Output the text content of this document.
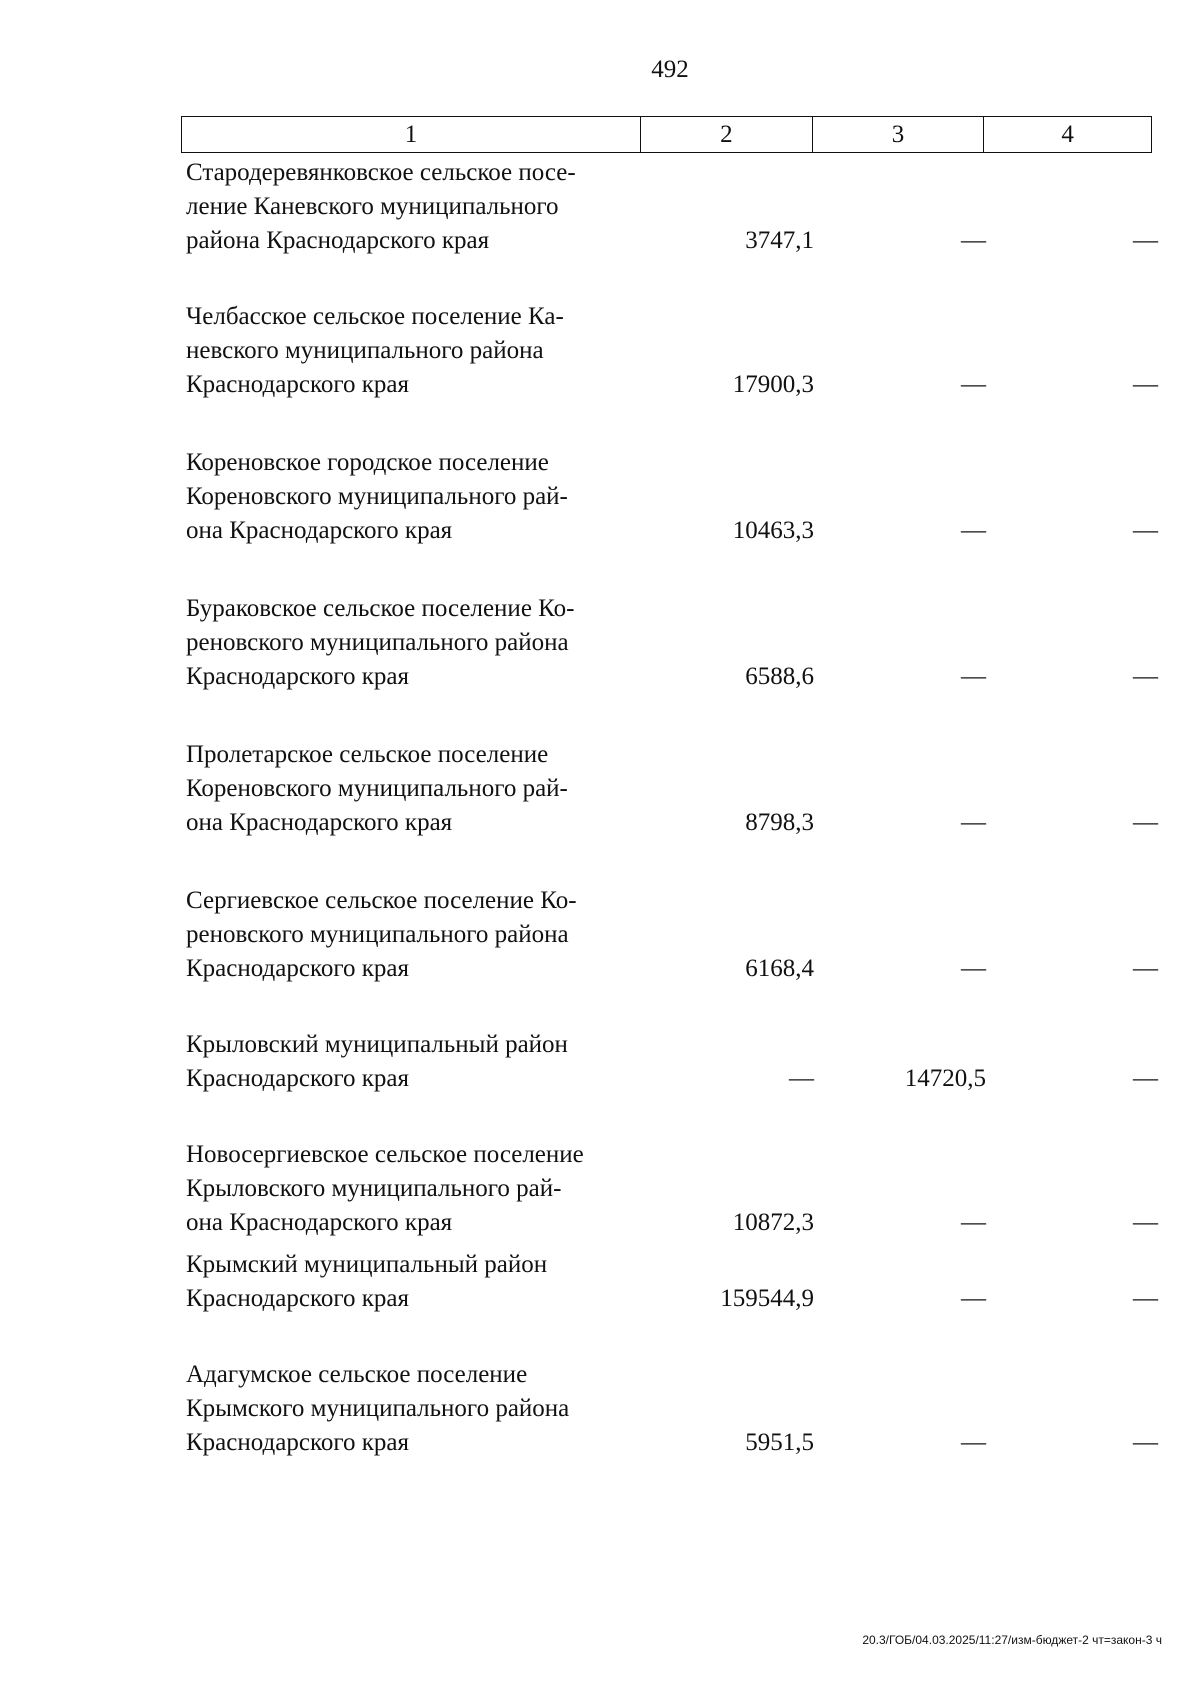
492
1	2	3	4
Стародеревянковское сельское посе-
ление Каневского муниципального
района Краснодарского края	3747,1	—	—
Челбасское сельское поселение Ка-
невского муниципального района
Краснодарского края	17900,3	—	—
Кореновское городское поселение
Кореновского муниципального рай-
она Краснодарского края	10463,3	—	—
Бураковское сельское поселение Ко-
реновского муниципального района
Краснодарского края	6588,6	—	—
Пролетарское сельское поселение
Кореновского муниципального рай-
она Краснодарского края	8798,3	—	—
Сергиевское сельское поселение Ко-
реновского муниципального района
Краснодарского края	6168,4	—	—
Крыловский муниципальный район
Краснодарского края	—	14720,5	—
Новосергиевское сельское поселение
Крыловского муниципального рай-
она Краснодарского края	10872,3	—	—
Крымский муниципальный район
Краснодарского края	159544,9	—	—
Адагумское сельское поселение
Крымского муниципального района
Краснодарского края	5951,5	—	—
20.3/ГОБ/04.03.2025/11:27/изм-бюджет-2 чт=закон-3 ч
